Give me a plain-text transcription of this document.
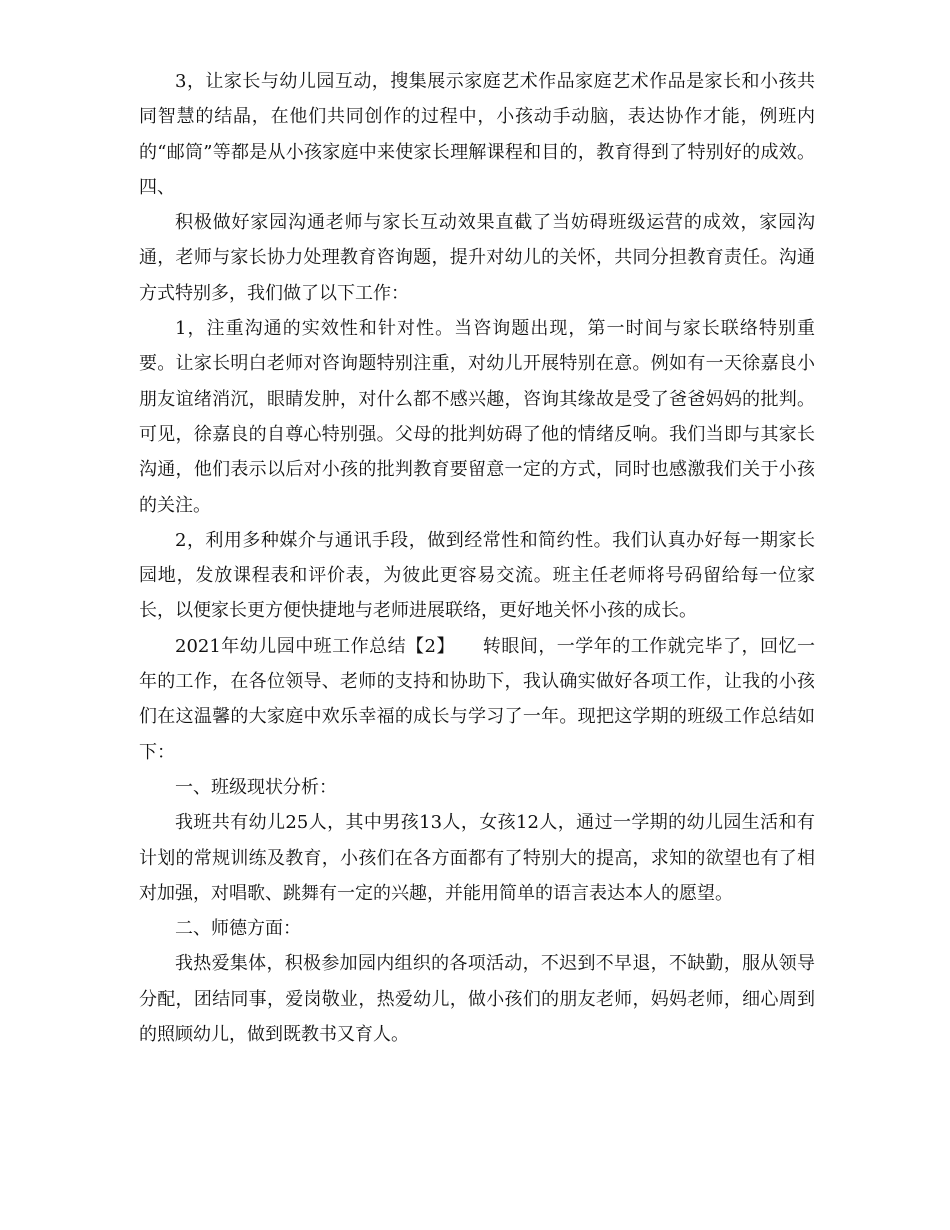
3，让家长与幼儿园互动，搜集展示家庭艺术作品家庭艺术作品是家长和小孩共同智慧的结晶，在他们共同创作的过程中，小孩动手动脑，表达协作才能，例班内的“邮筒”等都是从小孩家庭中来使家长理解课程和目的，教育得到了特别好的成效。四、

积极做好家园沟通老师与家长互动效果直截了当妨碍班级运营的成效，家园沟通，老师与家长协力处理教育咨询题，提升对幼儿的关怀，共同分担教育责任。沟通方式特别多，我们做了以下工作：

1，注重沟通的实效性和针对性。当咨询题出现，第一时间与家长联络特别重要。让家长明白老师对咨询题特别注重，对幼儿开展特别在意。例如有一天徐嘉良小朋友谊绪消沉，眼睛发肿，对什么都不感兴趣，咨询其缘故是受了爸爸妈妈的批判。可见，徐嘉良的自尊心特别强。父母的批判妨碍了他的情绪反响。我们当即与其家长沟通，他们表示以后对小孩的批判教育要留意一定的方式，同时也感激我们关于小孩的关注。

2，利用多种媒介与通讯手段，做到经常性和简约性。我们认真办好每一期家长园地，发放课程表和评价表，为彼此更容易交流。班主任老师将号码留给每一位家长，以便家长更方便快捷地与老师进展联络，更好地关怀小孩的成长。

2021年幼儿园中班工作总结【2】　　转眼间，一学年的工作就完毕了，回忆一年的工作，在各位领导、老师的支持和协助下，我认确实做好各项工作，让我的小孩们在这温馨的大家庭中欢乐幸福的成长与学习了一年。现把这学期的班级工作总结如下：

一、班级现状分析：

我班共有幼儿25人，其中男孩13人，女孩12人，通过一学期的幼儿园生活和有计划的常规训练及教育，小孩们在各方面都有了特别大的提高，求知的欲望也有了相对加强，对唱歌、跳舞有一定的兴趣，并能用简单的语言表达本人的愿望。

二、师德方面：

我热爱集体，积极参加园内组织的各项活动，不迟到不早退，不缺勤，服从领导分配，团结同事，爱岗敬业，热爱幼儿，做小孩们的朋友老师，妈妈老师，细心周到的照顾幼儿，做到既教书又育人。
